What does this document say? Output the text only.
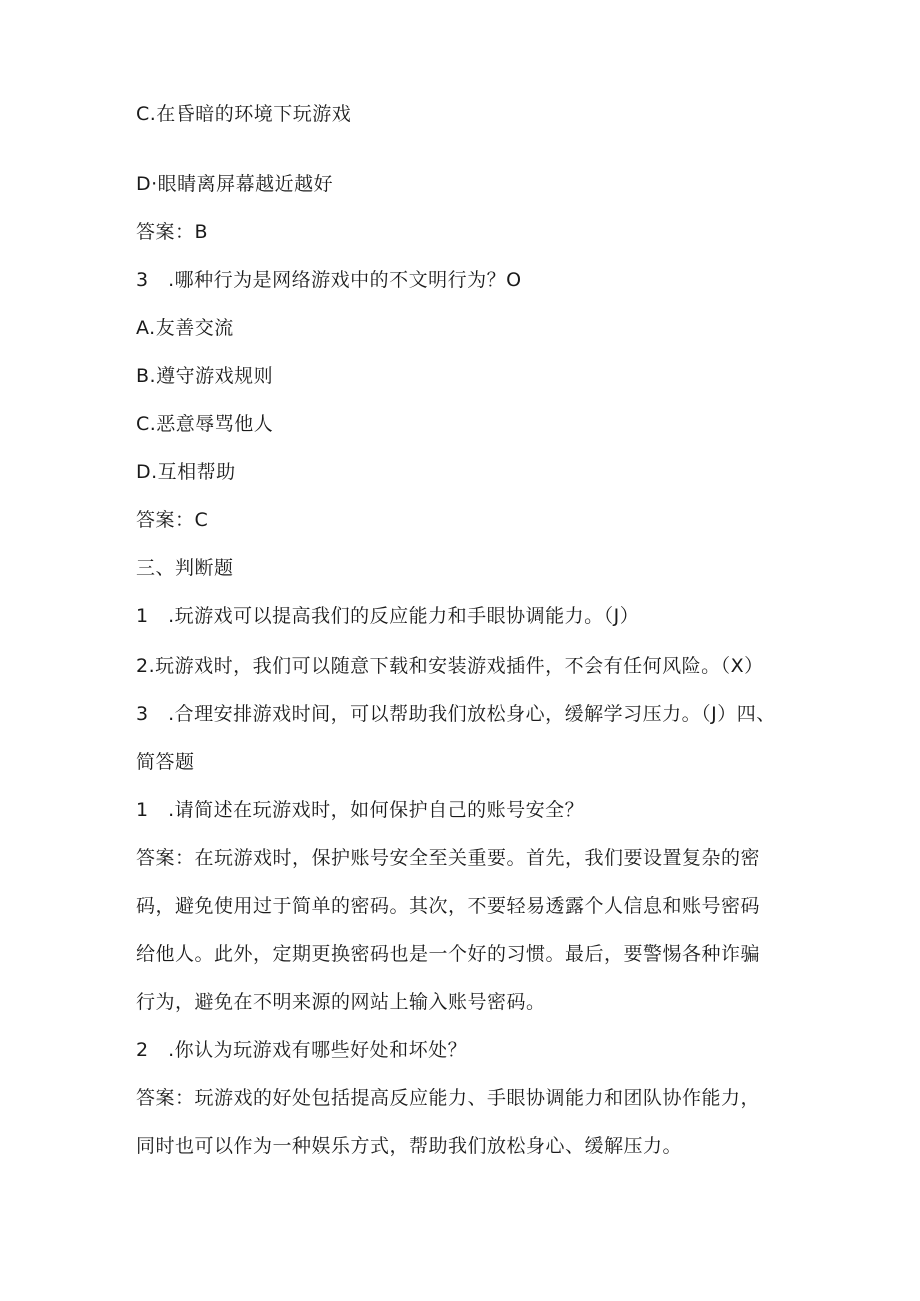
C.在昏暗的环境下玩游戏
D·眼睛离屏幕越近越好
答案：B
3　.哪种行为是网络游戏中的不文明行为？O
A.友善交流
B.遵守游戏规则
C.恶意辱骂他人
D.互相帮助
答案：C
三、判断题
1　.玩游戏可以提高我们的反应能力和手眼协调能力。（J）
2.玩游戏时，我们可以随意下载和安装游戏插件，不会有任何风险。（X）
3　.合理安排游戏时间，可以帮助我们放松身心，缓解学习压力。（J）四、
简答题
1　.请简述在玩游戏时，如何保护自己的账号安全？
答案：在玩游戏时，保护账号安全至关重要。首先，我们要设置复杂的密
码，避免使用过于简单的密码。其次，不要轻易透露个人信息和账号密码
给他人。此外，定期更换密码也是一个好的习惯。最后，要警惕各种诈骗
行为，避免在不明来源的网站上输入账号密码。
2　.你认为玩游戏有哪些好处和坏处？
答案：玩游戏的好处包括提高反应能力、手眼协调能力和团队协作能力，
同时也可以作为一种娱乐方式，帮助我们放松身心、缓解压力。
